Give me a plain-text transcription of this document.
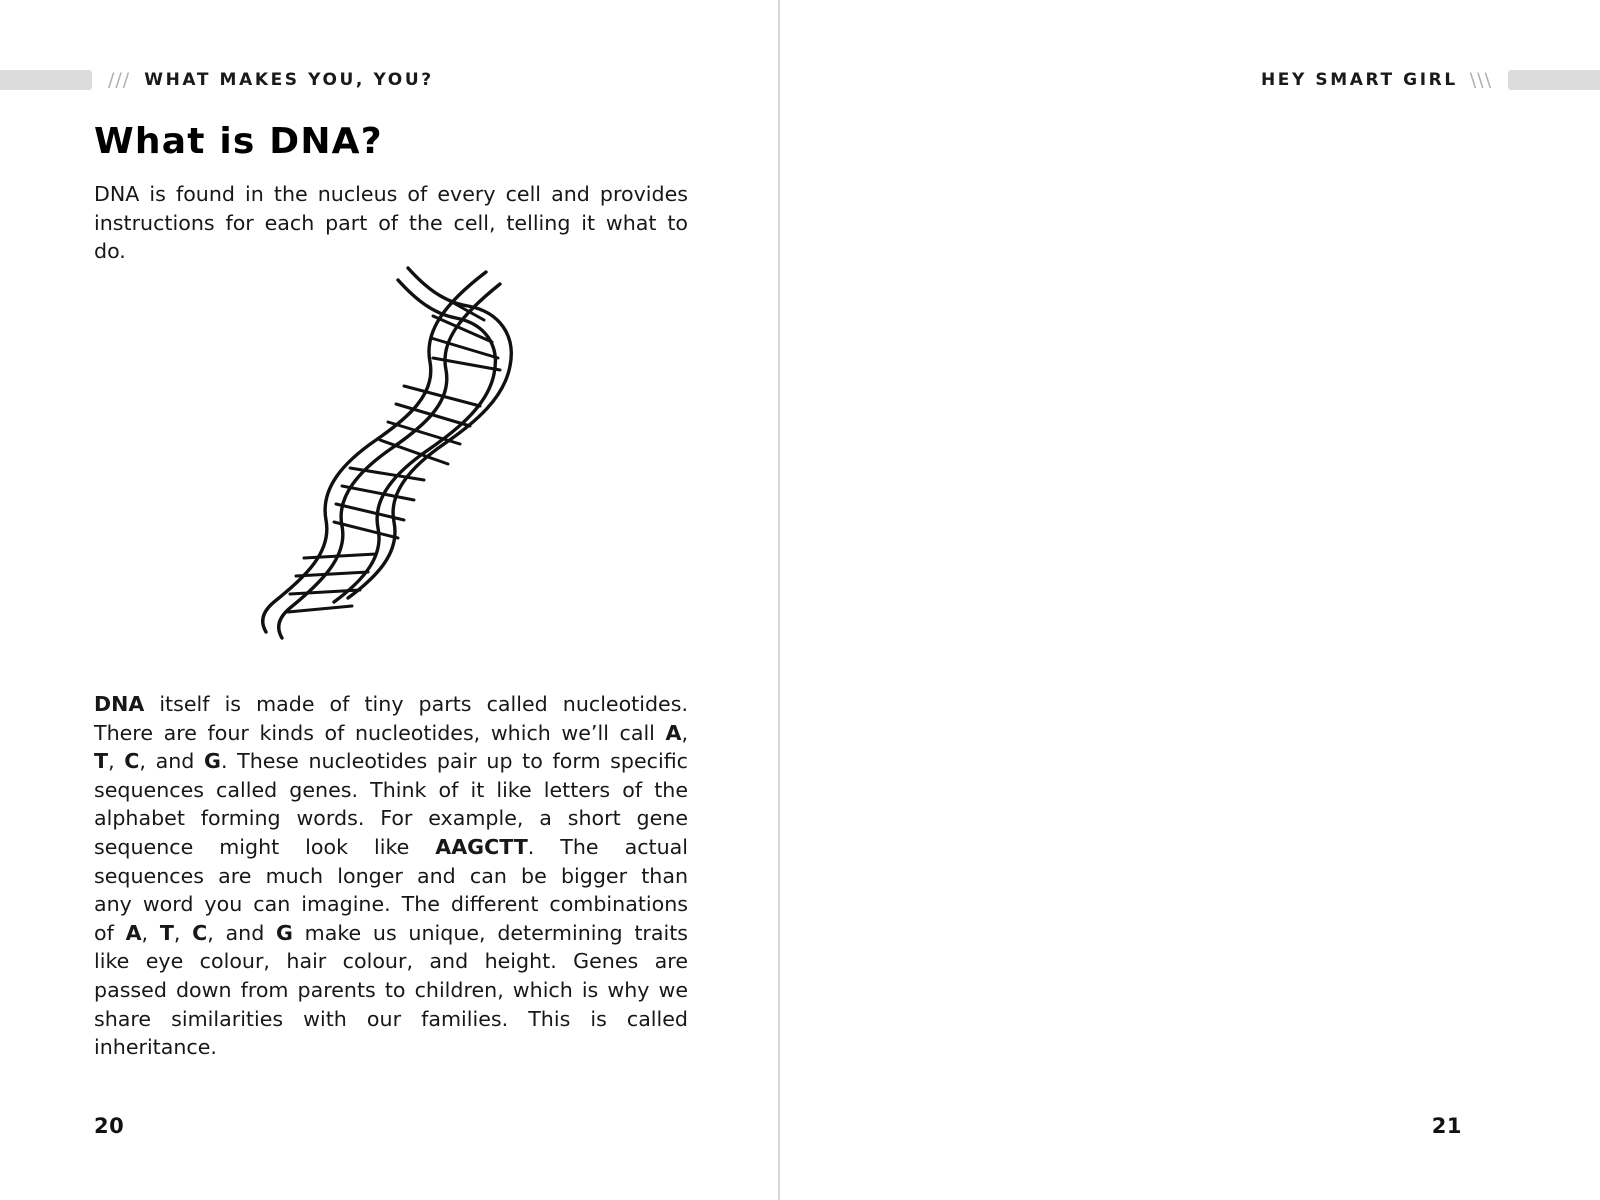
/// WHAT MAKES YOU, YOU?
What is DNA?

DNA is found in the nucleus of every cell and provides instructions for each part of the cell, telling it what to do.

DNA itself is made of tiny parts called nucleotides. There are four kinds of nucleotides, which we’ll call A, T, C, and G. These nucleotides pair up to form specific sequences called genes. Think of it like letters of the alphabet forming words. For example, a short gene sequence might look like AAGCTT. The actual sequences are much longer and can be bigger than any word you can imagine. The different combinations of A, T, C, and G make us unique, determining traits like eye colour, hair colour, and height. Genes are passed down from parents to children, which is why we share similarities with our families. This is called inheritance.

20
HEY SMART GIRL \\\

21
